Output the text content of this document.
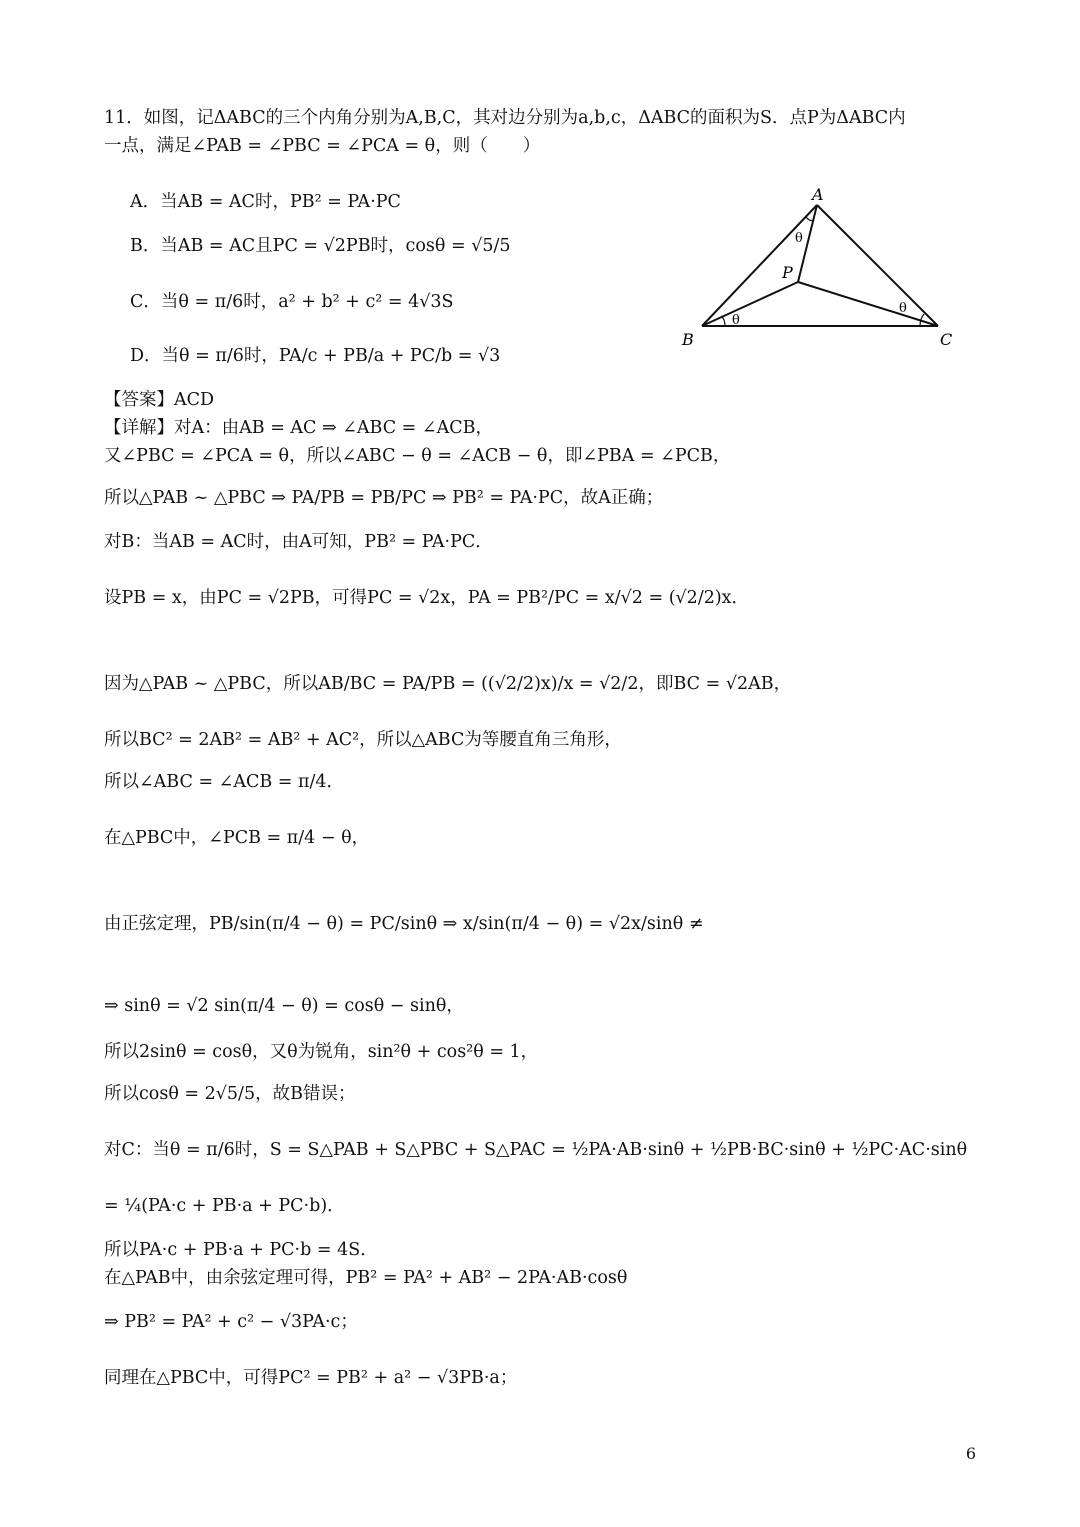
11．如图，记ΔABC的三个内角分别为A,B,C，其对边分别为a,b,c，ΔABC的面积为S．点P为ΔABC内
一点，满足∠PAB = ∠PBC = ∠PCA = θ，则（　　）
A．当AB = AC时，PB² = PA·PC
B．当AB = AC且PC = √2PB时，cosθ = √5/5
C．当θ = π/6时，a² + b² + c² = 4√3S
D．当θ = π/6时，PA/c + PB/a + PC/b = √3
A
B	C
P
θ
θ
θ
【答案】ACD
【详解】对A：由AB = AC ⇒ ∠ABC = ∠ACB，
又∠PBC = ∠PCA = θ，所以∠ABC − θ = ∠ACB − θ，即∠PBA = ∠PCB，
所以△PAB ~ △PBC ⇒ PA/PB = PB/PC ⇒ PB² = PA·PC，故A正确；
对B：当AB = AC时，由A可知，PB² = PA·PC．
设PB = x，由PC = √2PB，可得PC = √2x，PA = PB²/PC = x/√2 = (√2/2)x．
因为△PAB ~ △PBC，所以AB/BC = PA/PB = ((√2/2)x)/x = √2/2，即BC = √2AB，
所以BC² = 2AB² = AB² + AC²，所以△ABC为等腰直角三角形，
所以∠ABC = ∠ACB = π/4．
在△PBC中，∠PCB = π/4 − θ，
由正弦定理，PB/sin(π/4 − θ) = PC/sinθ ⇒ x/sin(π/4 − θ) = √2x/sinθ ≠
⇒ sinθ = √2 sin(π/4 − θ) = cosθ − sinθ，
所以2sinθ = cosθ，又θ为锐角，sin²θ + cos²θ = 1，
所以cosθ = 2√5/5，故B错误；
对C：当θ = π/6时，S = S△PAB + S△PBC + S△PAC = ½PA·AB·sinθ + ½PB·BC·sinθ + ½PC·AC·sinθ
= ¼(PA·c + PB·a + PC·b)．
所以PA·c + PB·a + PC·b = 4S．
在△PAB中，由余弦定理可得，PB² = PA² + AB² − 2PA·AB·cosθ
⇒ PB² = PA² + c² − √3PA·c；
同理在△PBC中，可得PC² = PB² + a² − √3PB·a；
6
